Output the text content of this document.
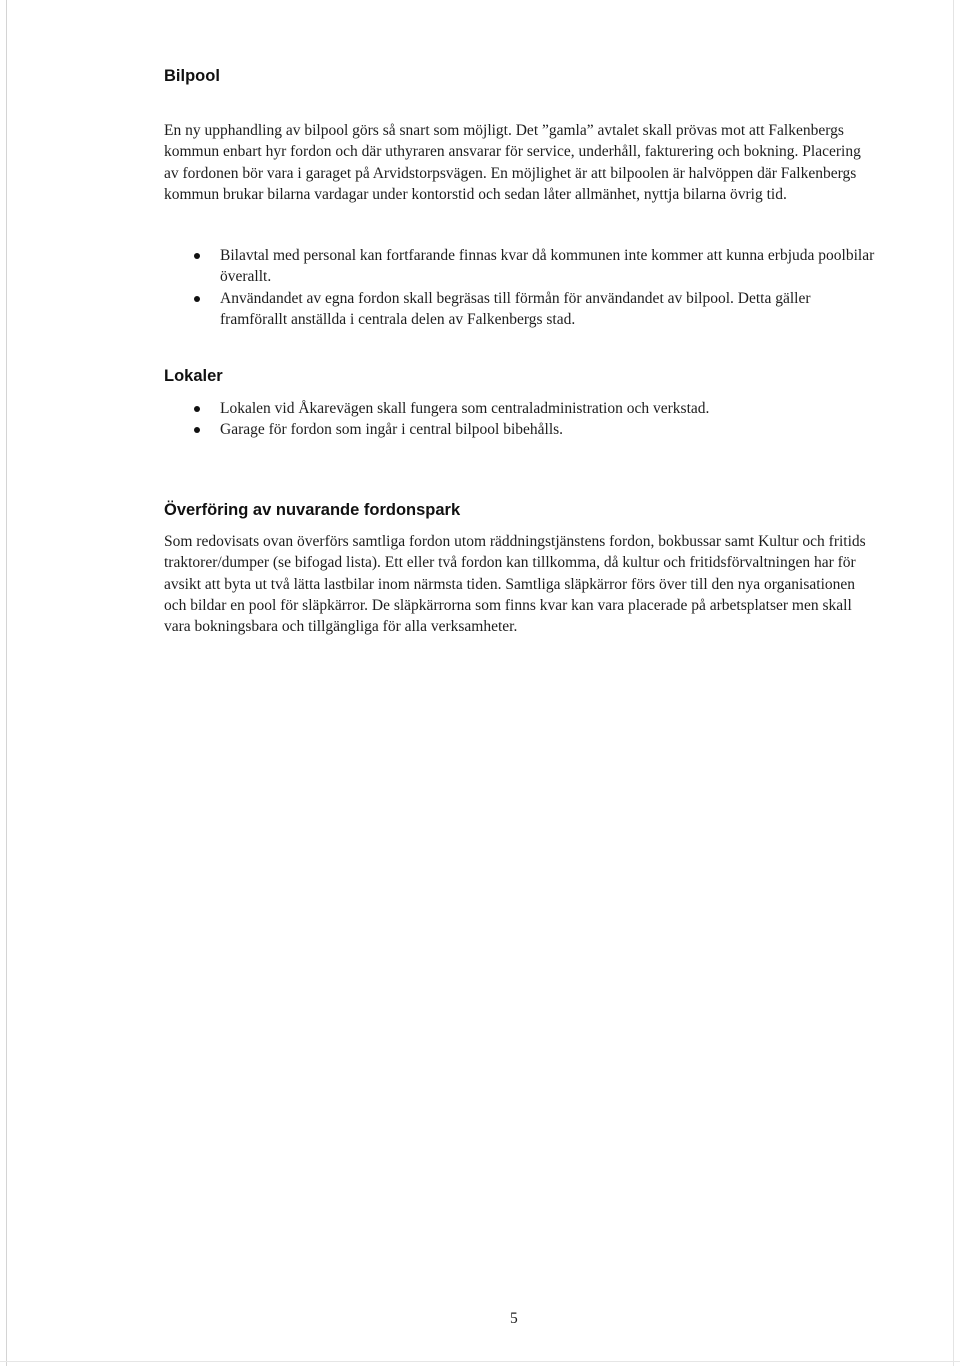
Bilpool

En ny upphandling av bilpool görs så snart som möjligt. Det ”gamla” avtalet skall prövas mot att Falkenbergs kommun enbart hyr fordon och där uthyraren ansvarar för service, underhåll, fakturering och bokning. Placering av fordonen bör vara i garaget på Arvidstorpsvägen. En möjlighet är att bilpoolen är halvöppen där Falkenbergs kommun brukar bilarna vardagar under kontorstid och sedan låter allmänhet, nyttja bilarna övrig tid.

Bilavtal med personal kan fortfarande finnas kvar då kommunen inte kommer att kunna erbjuda poolbilar överallt.
Användandet av egna fordon skall begräsas till förmån för användandet av bilpool. Detta gäller framförallt anställda i centrala delen av Falkenbergs stad.
Lokaler
Lokalen vid Åkarevägen skall fungera som centraladministration och verkstad.
Garage för fordon som ingår i central bilpool bibehålls.
Överföring av nuvarande fordonspark

Som redovisats ovan överförs samtliga fordon utom räddningstjänstens fordon, bokbussar samt Kultur och fritids traktorer/dumper (se bifogad lista). Ett eller två fordon kan tillkomma, då kultur och fritidsförvaltningen har för avsikt att byta ut två lätta lastbilar inom närmsta tiden. Samtliga släpkärror förs över till den nya organisationen och bildar en pool för släpkärror. De släpkärrorna som finns kvar kan vara placerade på arbetsplatser men skall vara bokningsbara och tillgängliga för alla verksamheter.

5
